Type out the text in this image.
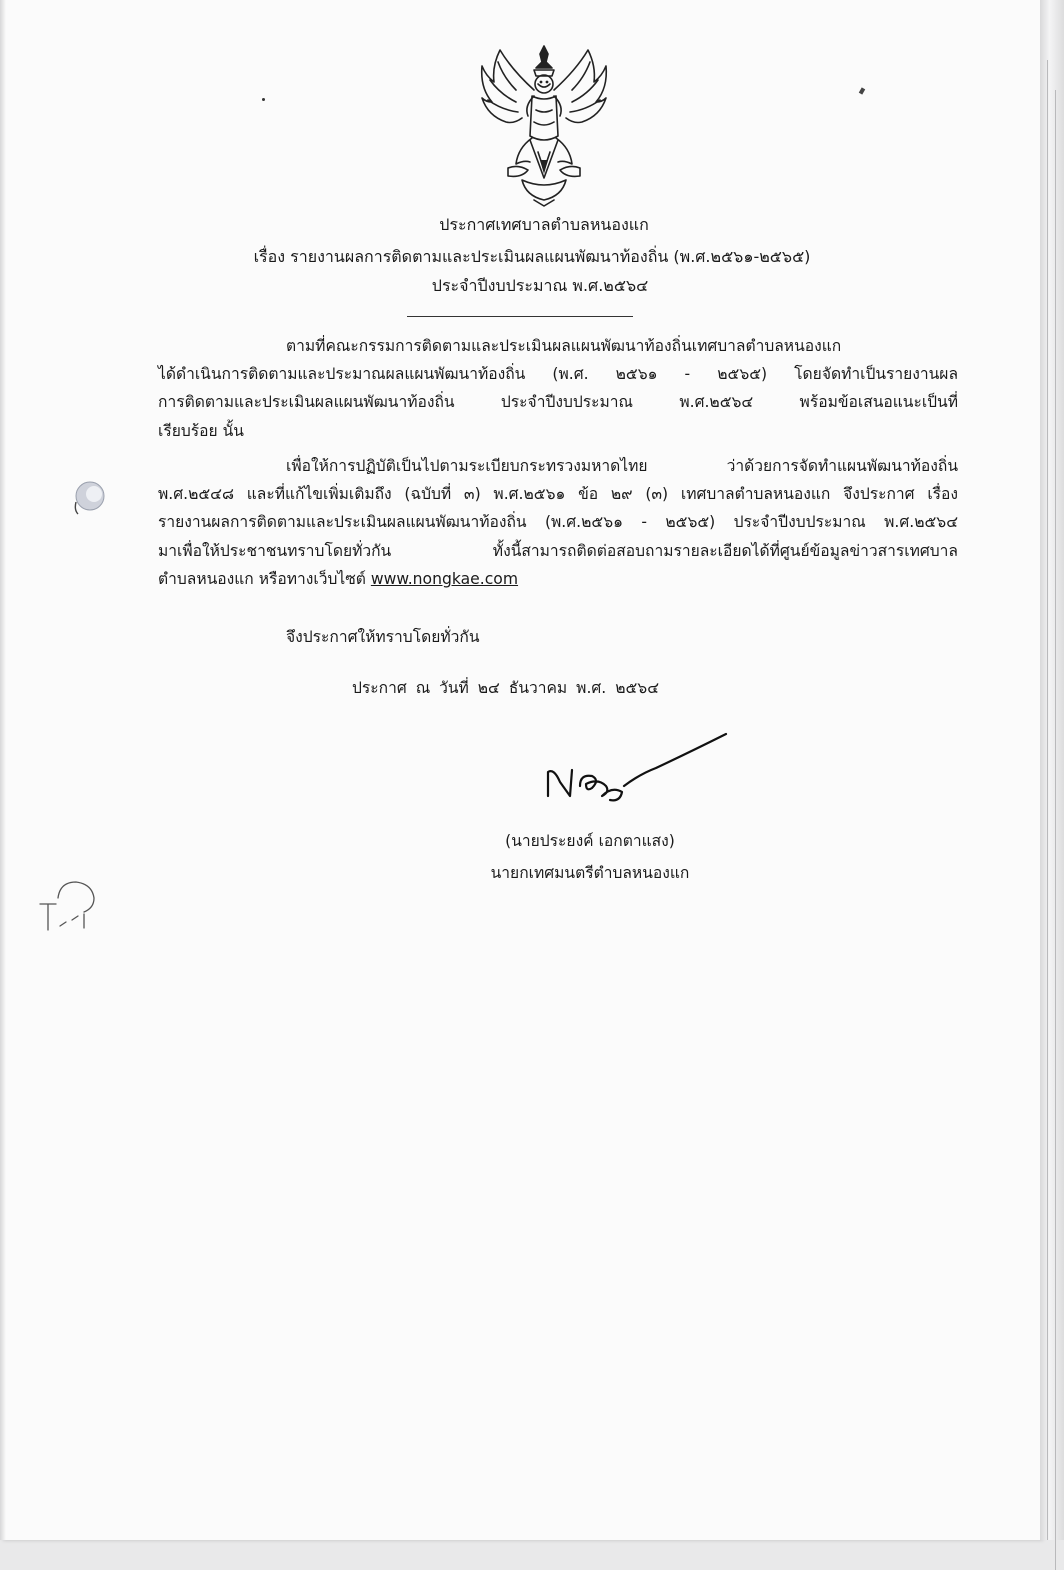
ประกาศเทศบาลตำบลหนองแก
เรื่อง รายงานผลการติดตามและประเมินผลแผนพัฒนาท้องถิ่น (พ.ศ.๒๕๖๑-๒๕๖๕)
ประจำปีงบประมาณ พ.ศ.๒๕๖๔
ตามที่คณะกรรมการติดตามและประเมินผลแผนพัฒนาท้องถิ่นเทศบาลตำบลหนองแก
ได้ดำเนินการติดตามและประมาณผลแผนพัฒนาท้องถิ่น (พ.ศ. ๒๕๖๑ - ๒๕๖๕) โดยจัดทำเป็นรายงานผล
การติดตามและประเมินผลแผนพัฒนาท้องถิ่น ประจำปีงบประมาณ พ.ศ.๒๕๖๔ พร้อมข้อเสนอแนะเป็นที่
เรียบร้อย นั้น
เพื่อให้การปฏิบัติเป็นไปตามระเบียบกระทรวงมหาดไทย ว่าด้วยการจัดทำแผนพัฒนาท้องถิ่น
พ.ศ.๒๕๔๘ และที่แก้ไขเพิ่มเติมถึง (ฉบับที่ ๓) พ.ศ.๒๕๖๑ ข้อ ๒๙ (๓) เทศบาลตำบลหนองแก จึงประกาศ เรื่อง
รายงานผลการติดตามและประเมินผลแผนพัฒนาท้องถิ่น (พ.ศ.๒๕๖๑ - ๒๕๖๕) ประจำปีงบประมาณ พ.ศ.๒๕๖๔
มาเพื่อให้ประชาชนทราบโดยทั่วกัน ทั้งนี้สามารถติดต่อสอบถามรายละเอียดได้ที่ศูนย์ข้อมูลข่าวสารเทศบาล
ตำบลหนองแก หรือทางเว็บไซต์ www.nongkae.com
จึงประกาศให้ทราบโดยทั่วกัน
ประกาศ ณ วันที่ ๒๔ ธันวาคม พ.ศ. ๒๕๖๔
(นายประยงค์ เอกตาแสง)
นายกเทศมนตรีตำบลหนองแก
